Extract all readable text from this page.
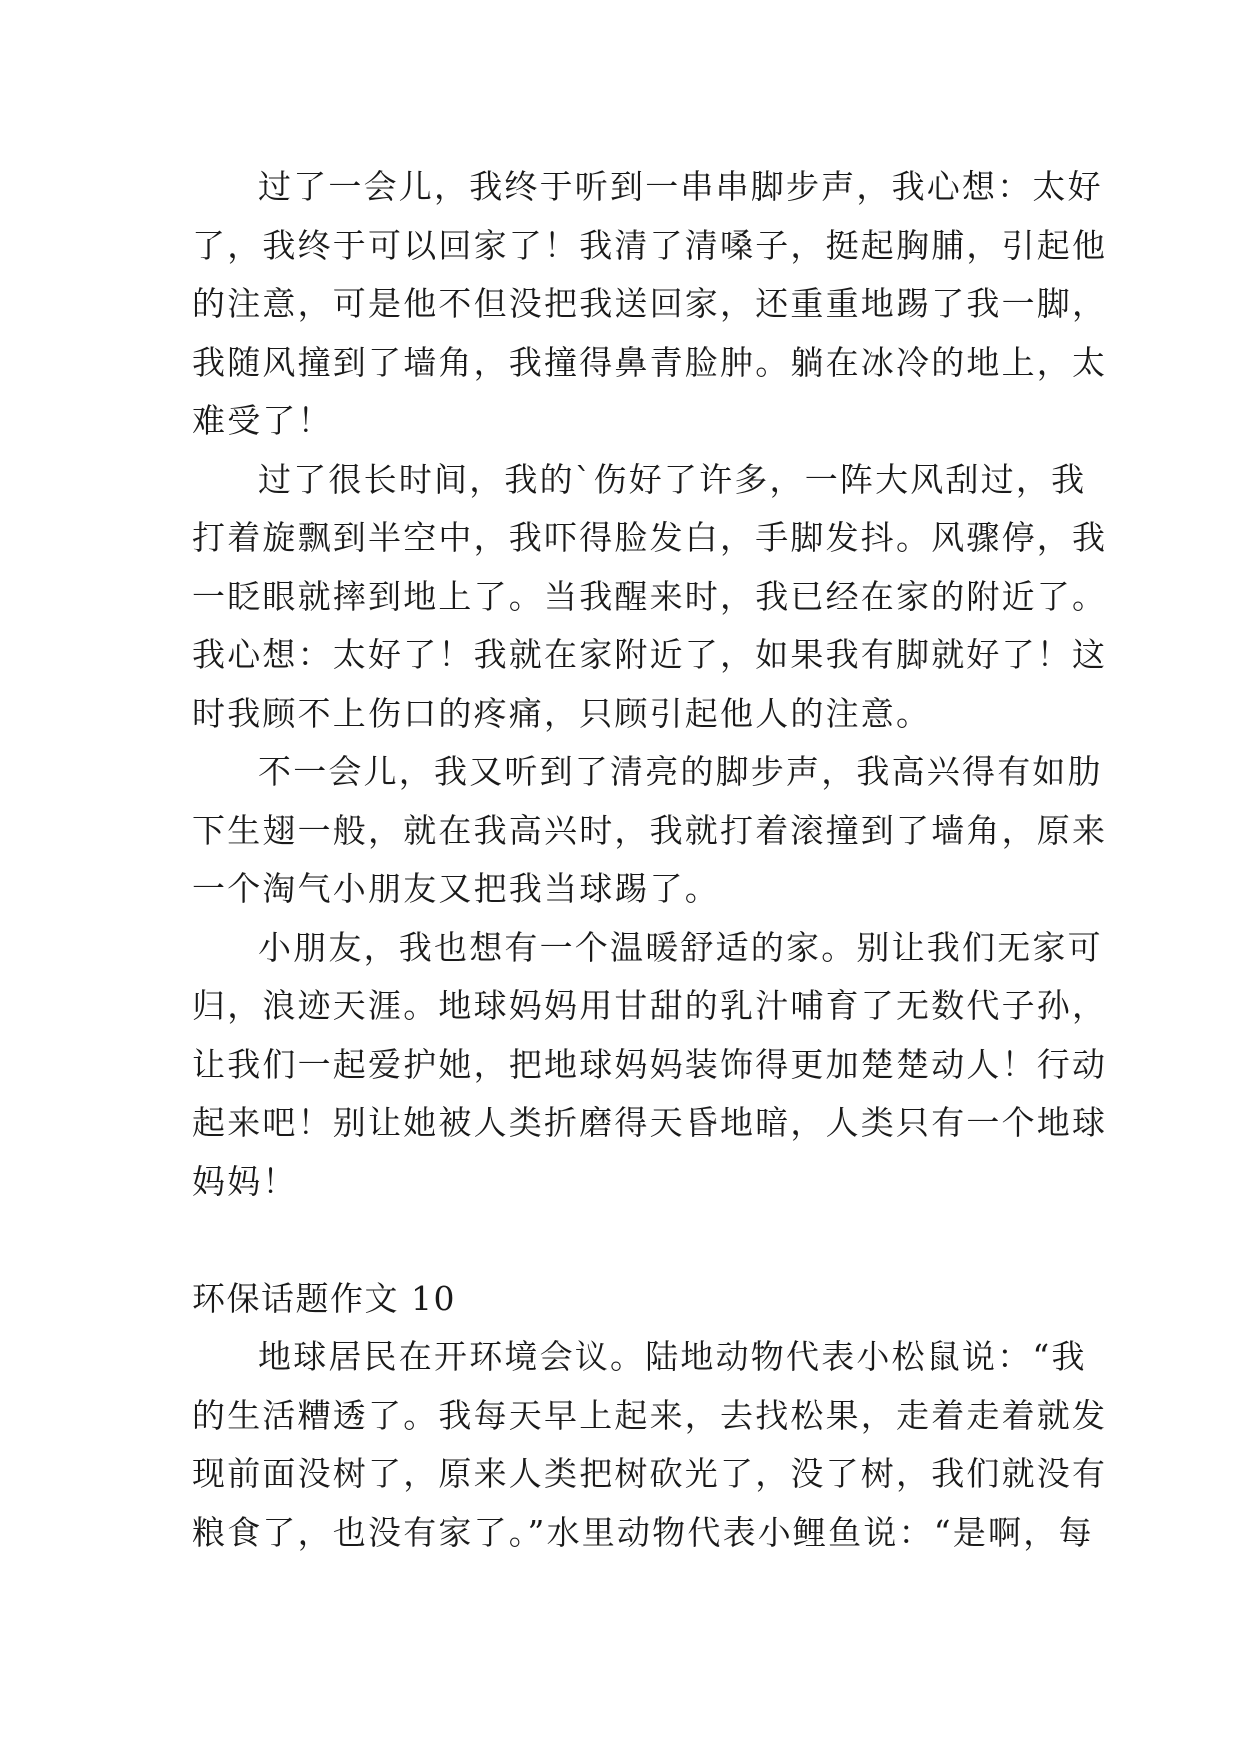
过了一会儿，我终于听到一串串脚步声，我心想：太好
了，我终于可以回家了！我清了清嗓子，挺起胸脯，引起他
的注意，可是他不但没把我送回家，还重重地踢了我一脚，
我随风撞到了墙角，我撞得鼻青脸肿。躺在冰冷的地上，太
难受了！
过了很长时间，我的`伤好了许多，一阵大风刮过，我
打着旋飘到半空中，我吓得脸发白，手脚发抖。风骤停，我
一眨眼就摔到地上了。当我醒来时，我已经在家的附近了。
我心想：太好了！我就在家附近了，如果我有脚就好了！这
时我顾不上伤口的疼痛，只顾引起他人的注意。
不一会儿，我又听到了清亮的脚步声，我高兴得有如肋
下生翅一般，就在我高兴时，我就打着滚撞到了墙角，原来
一个淘气小朋友又把我当球踢了。
小朋友，我也想有一个温暖舒适的家。别让我们无家可
归，浪迹天涯。地球妈妈用甘甜的乳汁哺育了无数代子孙，
让我们一起爱护她，把地球妈妈装饰得更加楚楚动人！行动
起来吧！别让她被人类折磨得天昏地暗，人类只有一个地球
妈妈！
环保话题作文 10
地球居民在开环境会议。陆地动物代表小松鼠说：“我
的生活糟透了。我每天早上起来，去找松果，走着走着就发
现前面没树了，原来人类把树砍光了，没了树，我们就没有
粮食了，也没有家了。”水里动物代表小鲤鱼说：“是啊，每
